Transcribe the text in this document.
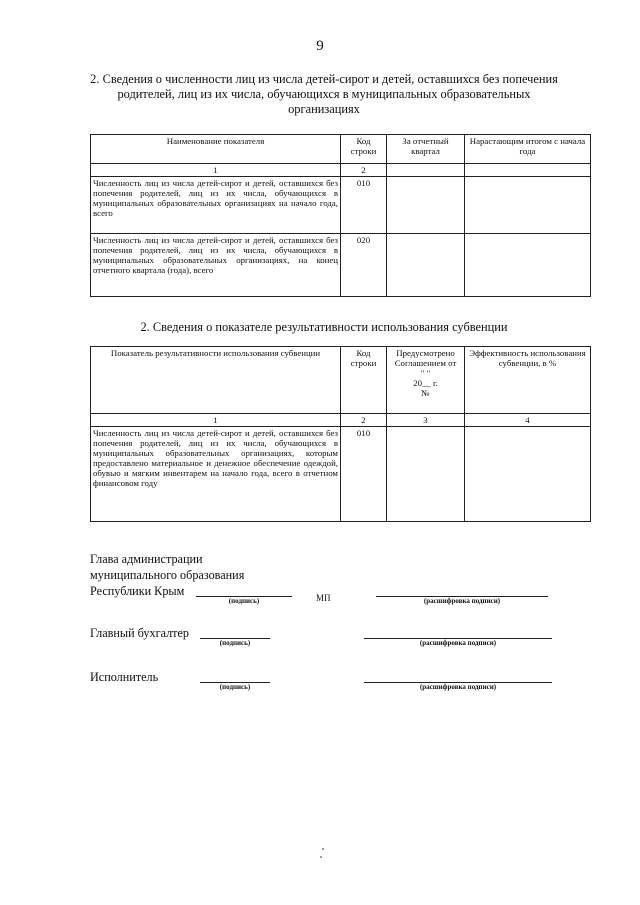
9
2. Сведения о численности лиц из числа детей-сирот и детей, оставшихся без попечения родителей, лиц из их числа, обучающихся в муниципальных образовательных организациях
Наименование показателя	Код строки	За отчетный квартал	Нарастающим итогом с начала года
1	2		
Численность лиц из числа детей-сирот и детей, оставшихся без попечения родителей, лиц из их числа, обучающихся в муниципальных образовательных организациях на начало года, всего	010		
Численность лиц из числа детей-сирот и детей, оставшихся без попечения родителей, лиц из их числа, обучающихся в муниципальных образовательных организациях, на конец отчетного квартала (года), всего	020		
2. Сведения о показателе результативности использования субвенции
Показатель результативности использования субвенции	Код строки	Предусмотрено Соглашением от
" "
20__ г.
№	Эффективность использования субвенции, в %
1	2	3	4
Численность лиц из числа детей-сирот и детей, оставшихся без попечения родителей, лиц из их числа, обучающихся в муниципальных образовательных организациях, которым предоставлено материальное и денежное обеспечение одеждой, обувью и мягким инвентарем на начало года, всего в отчетном финансовом году	010		
Глава администрации
муниципального образования
Республики Крым
(подпись)	МП	(расшифровка подписи)
Главный бухгалтер
(подпись)	(расшифровка подписи)
Исполнитель
(подпись)	(расшифровка подписи)
